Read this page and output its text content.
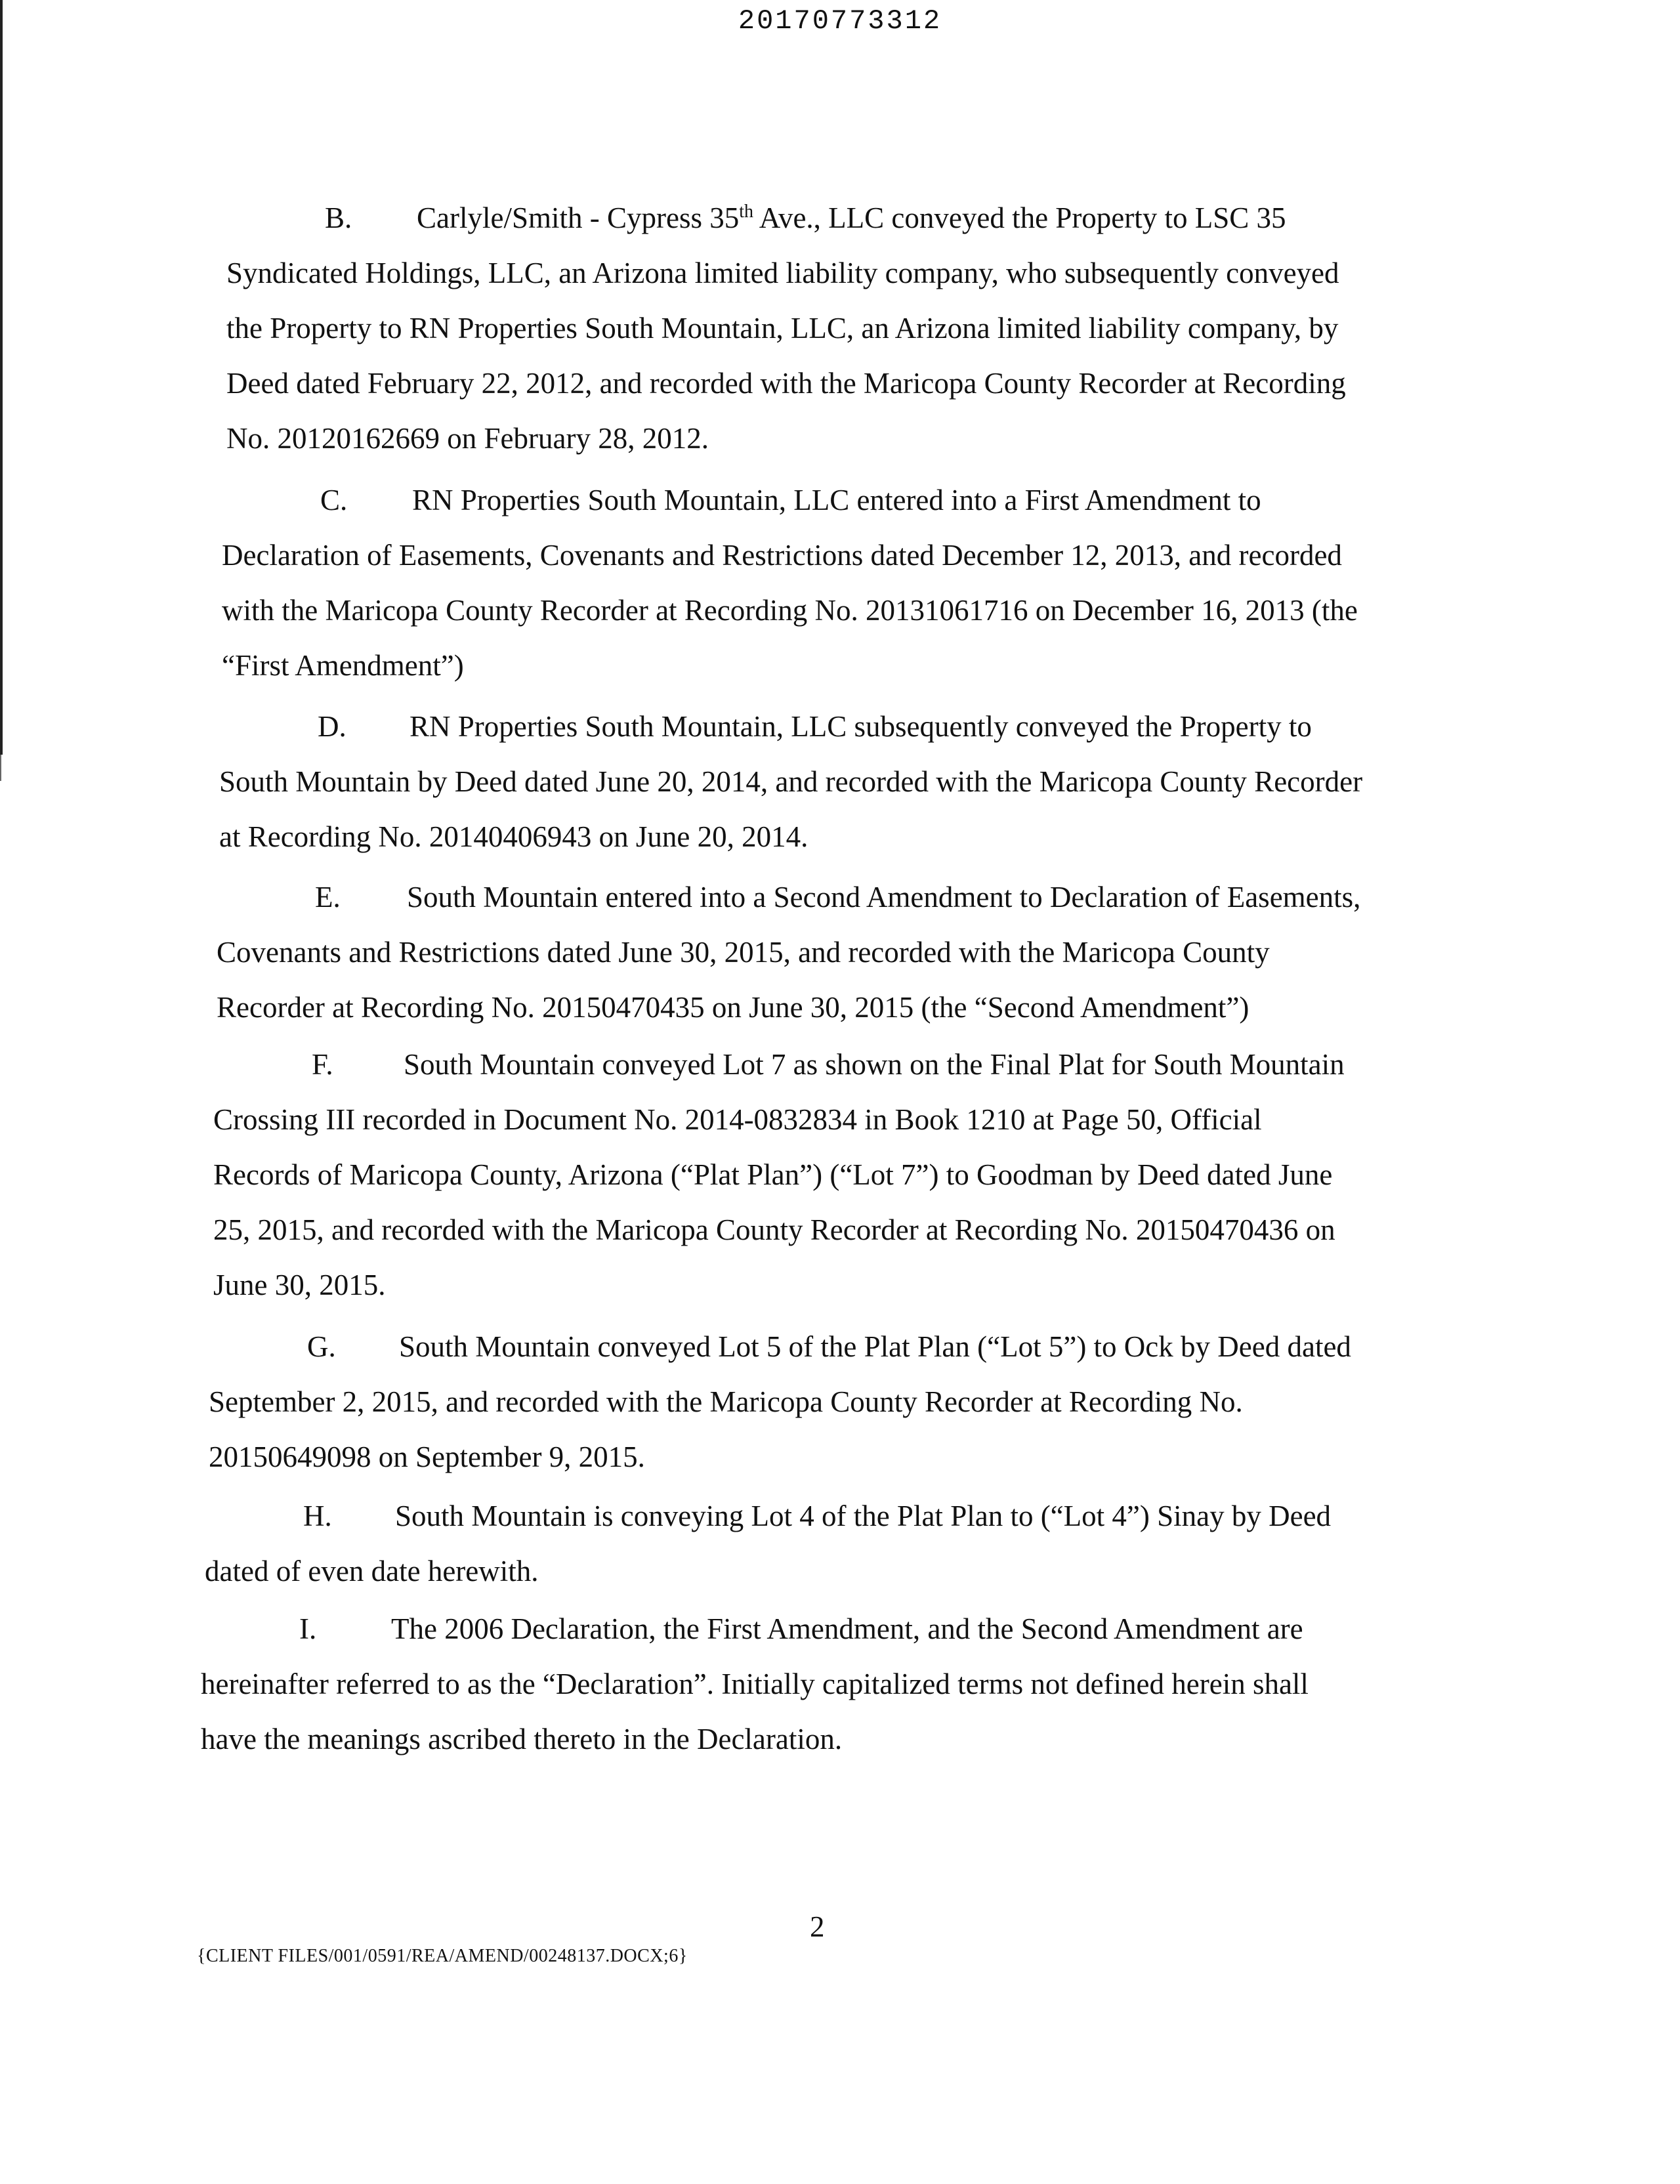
20170773312
B. Carlyle/Smith - Cypress 35th Ave., LLC conveyed the Property to LSC 35
Syndicated Holdings, LLC, an Arizona limited liability company, who subsequently conveyed
the Property to RN Properties South Mountain, LLC, an Arizona limited liability company, by
Deed dated February 22, 2012, and recorded with the Maricopa County Recorder at Recording
No. 20120162669 on February 28, 2012.
C. RN Properties South Mountain, LLC entered into a First Amendment to
Declaration of Easements, Covenants and Restrictions dated December 12, 2013, and recorded
with the Maricopa County Recorder at Recording No. 20131061716 on December 16, 2013 (the
“First Amendment”)
D. RN Properties South Mountain, LLC subsequently conveyed the Property to
South Mountain by Deed dated June 20, 2014, and recorded with the Maricopa County Recorder
at Recording No. 20140406943 on June 20, 2014.
E. South Mountain entered into a Second Amendment to Declaration of Easements,
Covenants and Restrictions dated June 30, 2015, and recorded with the Maricopa County
Recorder at Recording No. 20150470435 on June 30, 2015 (the “Second Amendment”)
F. South Mountain conveyed Lot 7 as shown on the Final Plat for South Mountain
Crossing III recorded in Document No. 2014-0832834 in Book 1210 at Page 50, Official
Records of Maricopa County, Arizona (“Plat Plan”) (“Lot 7”) to Goodman by Deed dated June
25, 2015, and recorded with the Maricopa County Recorder at Recording No. 20150470436 on
June 30, 2015.
G. South Mountain conveyed Lot 5 of the Plat Plan (“Lot 5”) to Ock by Deed dated
September 2, 2015, and recorded with the Maricopa County Recorder at Recording No.
20150649098 on September 9, 2015.
H. South Mountain is conveying Lot 4 of the Plat Plan to (“Lot 4”) Sinay by Deed
dated of even date herewith.
I.	The 2006 Declaration, the First Amendment, and the Second Amendment are
hereinafter referred to as the “Declaration”. Initially capitalized terms not defined herein shall
have the meanings ascribed thereto in the Declaration.
2
{CLIENT FILES/001/0591/REA/AMEND/00248137.DOCX;6}
